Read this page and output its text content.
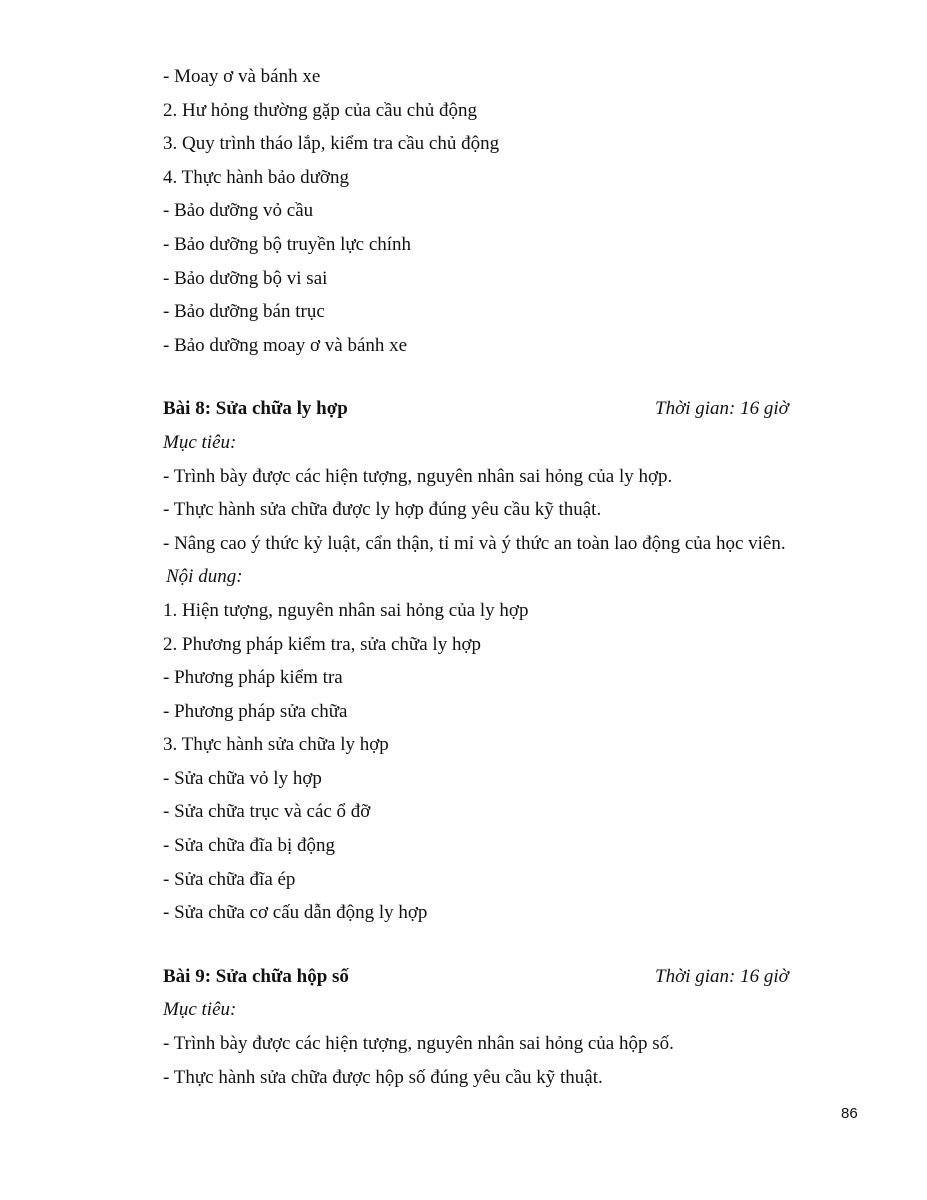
- Moay ơ và bánh xe
2. Hư hỏng thường gặp của cầu chủ động
3. Quy trình tháo lắp, kiểm tra cầu chủ động
4. Thực hành bảo dưỡng
- Bảo dưỡng vỏ cầu
- Bảo dưỡng bộ truyền lực chính
- Bảo dưỡng bộ vi sai
- Bảo dưỡng bán trục
- Bảo dưỡng moay ơ và bánh xe
Bài 8: Sửa chữa ly hợp	Thời gian: 16 giờ
Mục tiêu:
- Trình bày được các hiện tượng, nguyên nhân sai hỏng của ly hợp.
- Thực hành sửa chữa được ly hợp đúng yêu cầu kỹ thuật.
- Nâng cao ý thức kỷ luật, cẩn thận, tỉ mỉ và ý thức an toàn lao động của học viên.
Nội dung:
1. Hiện tượng, nguyên nhân sai hỏng của ly hợp
2. Phương pháp kiểm tra, sửa chữa ly hợp
- Phương pháp kiểm tra
- Phương pháp sửa chữa
3. Thực hành sửa chữa ly hợp
- Sửa chữa vỏ ly hợp
- Sửa chữa trục và các ổ đỡ
- Sửa chữa đĩa bị động
- Sửa chữa đĩa ép
- Sửa chữa cơ cấu dẫn động ly hợp
Bài 9: Sửa chữa hộp số	Thời gian: 16 giờ
Mục tiêu:
- Trình bày được các hiện tượng, nguyên nhân sai hỏng của hộp số.
- Thực hành sửa chữa được hộp số đúng yêu cầu kỹ thuật.
86
